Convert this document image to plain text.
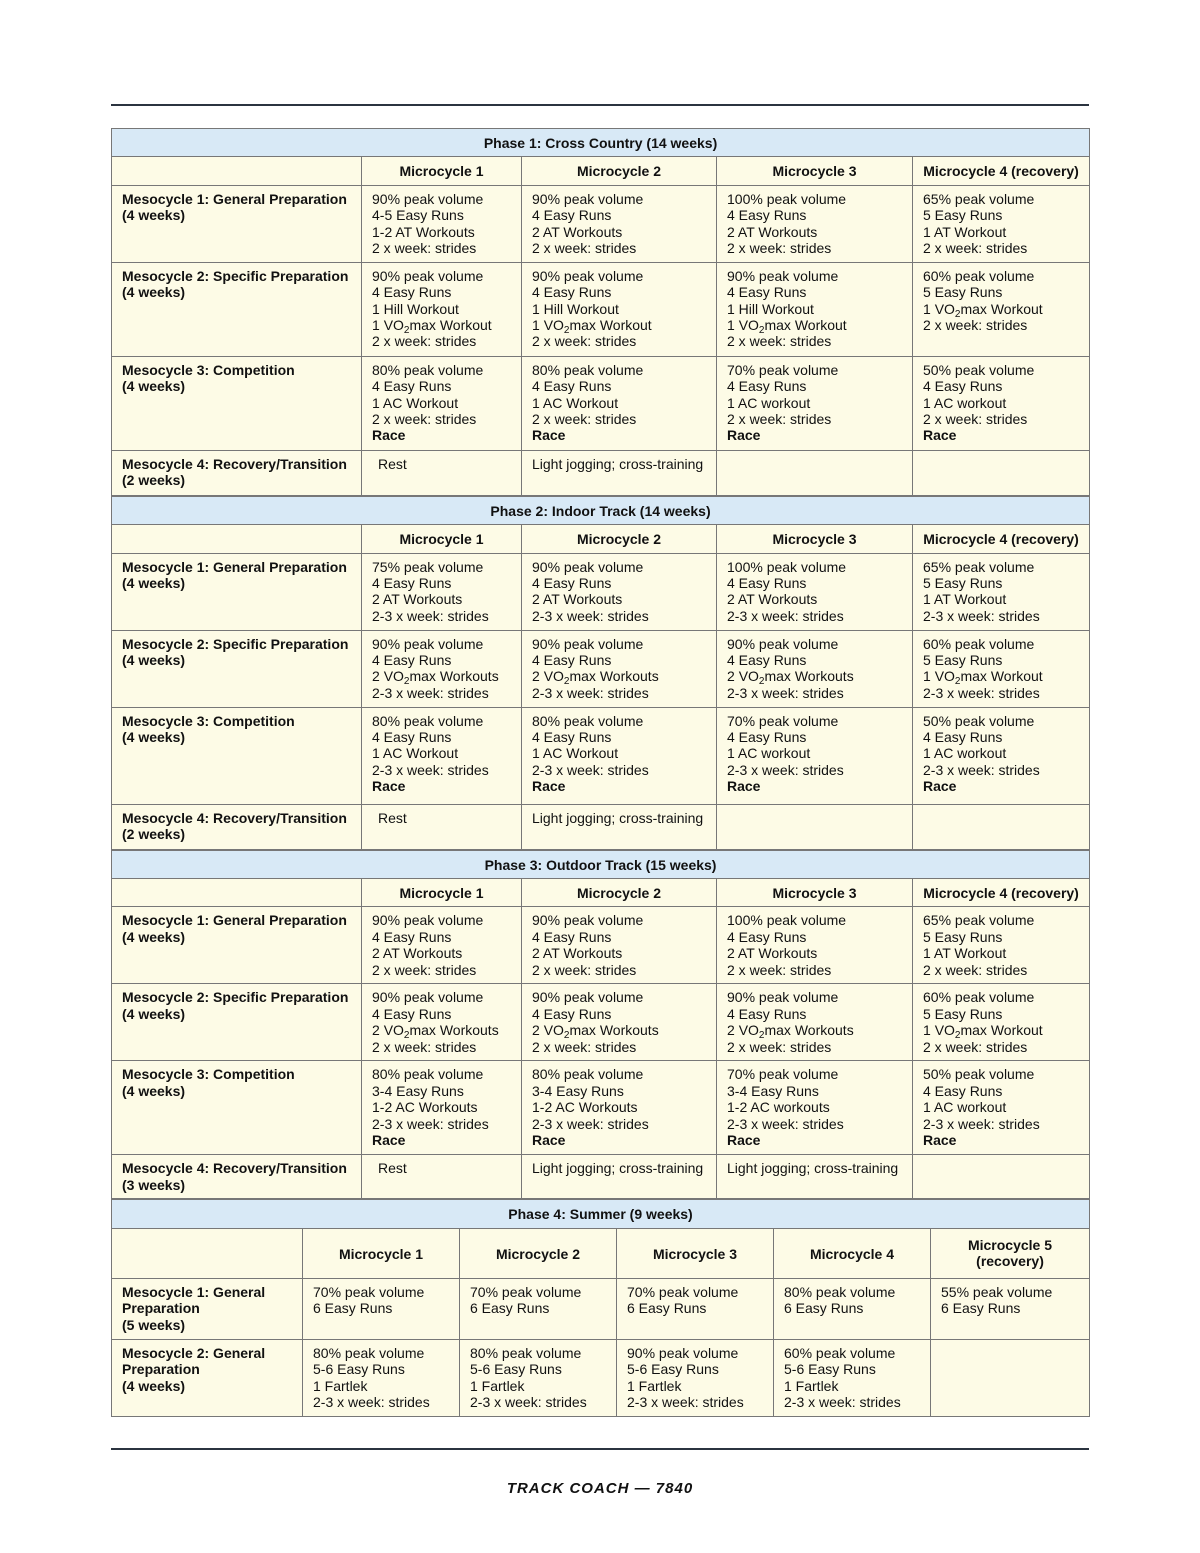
Phase 1: Cross Country (14 weeks)				
	Microcycle 1	Microcycle 2	Microcycle 3	Microcycle 4 (recovery)

Mesocycle 1: General Preparation
(4 weeks)	90% peak volume
4-5 Easy Runs
1-2 AT Workouts
2 x week: strides	90% peak volume
4 Easy Runs
2 AT Workouts
2 x week: strides	100% peak volume
4 Easy Runs
2 AT Workouts
2 x week: strides	65% peak volume
5 Easy Runs
1 AT Workout
2 x week: strides

Mesocycle 2: Specific Preparation
(4 weeks)	90% peak volume
4 Easy Runs
1 Hill Workout
1 $VO_2\max$ Workout
2 x week: strides	90% peak volume
4 Easy Runs
1 Hill Workout
1 $VO_2\max$ Workout
2 x week: strides	90% peak volume
4 Easy Runs
1 Hill Workout
1 $VO_2\max$ Workout
2 x week: strides	60% peak volume
5 Easy Runs
1 $VO_2\max$ Workout
2 x week: strides

Mesocycle 3: Competition
(4 weeks)	80% peak volume
4 Easy Runs
1 AC Workout
2 x week: strides
Race	80% peak volume
4 Easy Runs
1 AC Workout
2 x week: strides
Race	70% peak volume
4 Easy Runs
1 AC workout
2 x week: strides
Race	50% peak volume
4 Easy Runs
1 AC workout
2 x week: strides
Race

Mesocycle 4: Recovery/Transition
(2 weeks)	Rest	Light jogging; cross-training		

Phase 2: Indoor Track (14 weeks)				
	Microcycle 1	Microcycle 2	Microcycle 3	Microcycle 4 (recovery)

Mesocycle 1: General Preparation
(4 weeks)	75% peak volume
4 Easy Runs
2 AT Workouts
2-3 x week: strides	90% peak volume
4 Easy Runs
2 AT Workouts
2-3 x week: strides	100% peak volume
4 Easy Runs
2 AT Workouts
2-3 x week: strides	65% peak volume
5 Easy Runs
1 AT Workout
2-3 x week: strides

Mesocycle 2: Specific Preparation
(4 weeks)	90% peak volume
4 Easy Runs
2 $VO_2\max$ Workouts
2-3 x week: strides	90% peak volume
4 Easy Runs
2 $VO_2\max$ Workouts
2-3 x week: strides	90% peak volume
4 Easy Runs
2 $VO_2\max$ Workouts
2-3 x week: strides	60% peak volume
5 Easy Runs
1 $VO_2\max$ Workout
2-3 x week: strides

Mesocycle 3: Competition
(4 weeks)	80% peak volume
4 Easy Runs
1 AC Workout
2-3 x week: strides
Race	80% peak volume
4 Easy Runs
1 AC Workout
2-3 x week: strides
Race	70% peak volume
4 Easy Runs
1 AC workout
2-3 x week: strides
Race	50% peak volume
4 Easy Runs
1 AC workout
2-3 x week: strides
Race

Mesocycle 4: Recovery/Transition
(2 weeks)	Rest	Light jogging; cross-training		

Phase 3: Outdoor Track (15 weeks)				
	Microcycle 1	Microcycle 2	Microcycle 3	Microcycle 4 (recovery)

Mesocycle 1: General Preparation
(4 weeks)	90% peak volume
4 Easy Runs
2 AT Workouts
2 x week: strides	90% peak volume
4 Easy Runs
2 AT Workouts
2 x week: strides	100% peak volume
4 Easy Runs
2 AT Workouts
2 x week: strides	65% peak volume
5 Easy Runs
1 AT Workout
2 x week: strides

Mesocycle 2: Specific Preparation
(4 weeks)	90% peak volume
4 Easy Runs
2 $VO_2\max$ Workouts
2 x week: strides	90% peak volume
4 Easy Runs
2 $VO_2\max$ Workouts
2 x week: strides	90% peak volume
4 Easy Runs
2 $VO_2\max$ Workouts
2 x week: strides	60% peak volume
5 Easy Runs
1 $VO_2\max$ Workout
2 x week: strides

Mesocycle 3: Competition
(4 weeks)	80% peak volume
3-4 Easy Runs
1-2 AC Workouts
2-3 x week: strides
Race	80% peak volume
3-4 Easy Runs
1-2 AC Workouts
2-3 x week: strides
Race	70% peak volume
3-4 Easy Runs
1-2 AC workouts
2-3 x week: strides
Race	50% peak volume
4 Easy Runs
1 AC workout
2-3 x week: strides
Race

Mesocycle 4: Recovery/Transition
(3 weeks)	Rest	Light jogging; cross-training	Light jogging; cross-training	

Phase 4: Summer (9 weeks)					
	Microcycle 1	Microcycle 2	Microcycle 3	Microcycle 4	Microcycle 5 (recovery)

Mesocycle 1: General
Preparation
(5 weeks)	70% peak volume
6 Easy Runs	70% peak volume
6 Easy Runs	70% peak volume
6 Easy Runs	80% peak volume
6 Easy Runs	55% peak volume
6 Easy Runs

Mesocycle 2: General
Preparation
(4 weeks)	80% peak volume
5-6 Easy Runs
1 Fartlek
2-3 x week: strides	80% peak volume
5-6 Easy Runs
1 Fartlek
2-3 x week: strides	90% peak volume
5-6 Easy Runs
1 Fartlek
2-3 x week: strides	60% peak volume
5-6 Easy Runs
1 Fartlek
2-3 x week: strides	

TRACK COACH — 7840
